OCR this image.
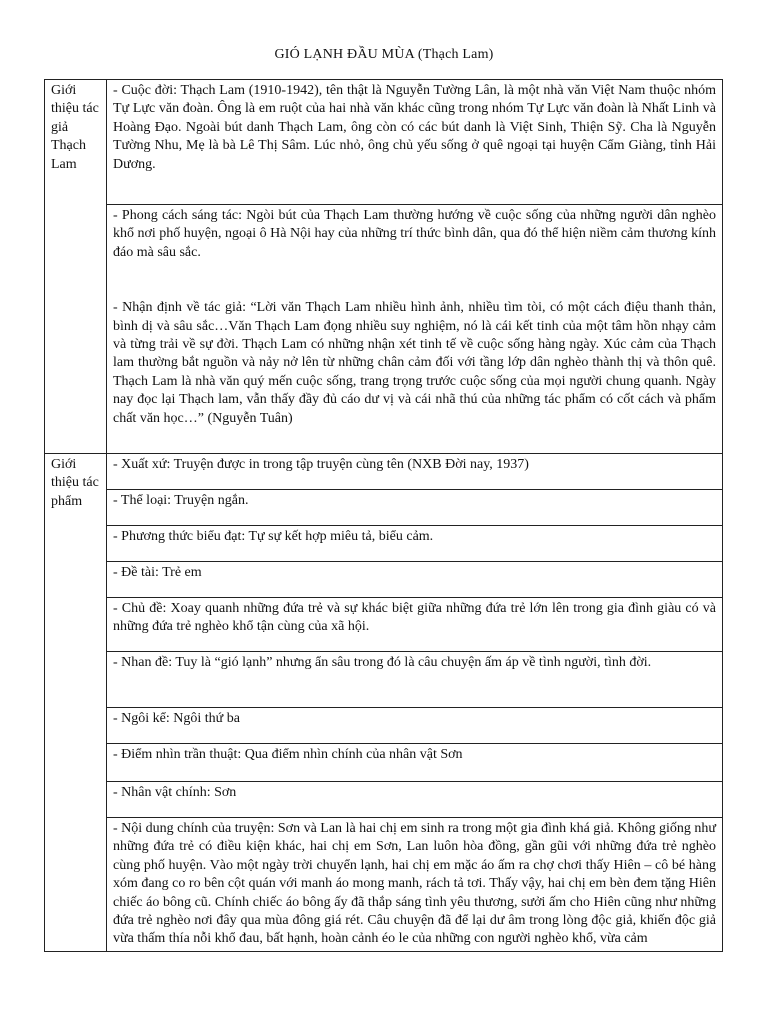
GIÓ LẠNH ĐẦU MÙA (Thạch Lam)
Giới thiệu tác giả Thạch Lam	- Cuộc đời: Thạch Lam (1910-1942), tên thật là Nguyễn Tường Lân, là một nhà văn Việt Nam thuộc nhóm Tự Lực văn đoàn. Ông là em ruột của hai nhà văn khác cũng trong nhóm Tự Lực văn đoàn là Nhất Linh và Hoàng Đạo. Ngoài bút danh Thạch Lam, ông còn có các bút danh là Việt Sinh, Thiện Sỹ. Cha là Nguyễn Tường Nhu, Mẹ là bà Lê Thị Sâm. Lúc nhỏ, ông chủ yếu sống ở quê ngoại tại huyện Cẩm Giàng, tỉnh Hải Dương.

	- Phong cách sáng tác: Ngòi bút của Thạch Lam thường hướng về cuộc sống của những người dân nghèo khổ nơi phố huyện, ngoại ô Hà Nội hay của những trí thức bình dân, qua đó thể hiện niềm cảm thương kính đáo mà sâu sắc.
- Nhận định về tác giả: “Lời văn Thạch Lam nhiều hình ảnh, nhiều tìm tòi, có một cách điệu thanh thản, bình dị và sâu sắc…Văn Thạch Lam đọng nhiều suy nghiệm, nó là cái kết tinh của một tâm hồn nhạy cảm và từng trải về sự đời. Thạch Lam có những nhận xét tinh tế về cuộc sống hàng ngày. Xúc cảm của Thạch lam thường bắt nguồn và nảy nở lên từ những chân cảm đối với tầng lớp dân nghèo thành thị và thôn quê. Thạch Lam là nhà văn quý mến cuộc sống, trang trọng trước cuộc sống của mọi người chung quanh. Ngày nay đọc lại Thạch lam, vẫn thấy đầy đủ cáo dư vị và cái nhã thú của những tác phẩm có cốt cách và phẩm chất văn học…” (Nguyễn Tuân)

Giới thiệu tác phẩm	- Xuất xứ: Truyện được in trong tập truyện cùng tên (NXB Đời nay, 1937)
	- Thể loại: Truyện ngắn.
	- Phương thức biểu đạt: Tự sự kết hợp miêu tả, biểu cảm.
	- Đề tài: Trẻ em
	- Chủ đề: Xoay quanh những đứa trẻ và sự khác biệt giữa những đứa trẻ lớn lên trong gia đình giàu có và những đứa trẻ nghèo khổ tận cùng của xã hội.
	- Nhan đề: Tuy là “gió lạnh” nhưng ẩn sâu trong đó là câu chuyện ấm áp về tình người, tình đời.
	- Ngôi kể: Ngôi thứ ba
	- Điểm nhìn trần thuật: Qua điểm nhìn chính của nhân vật Sơn
	- Nhân vật chính: Sơn

	- Nội dung chính của truyện: Sơn và Lan là hai chị em sinh ra trong một gia đình khá giả. Không giống như những đứa trẻ có điều kiện khác, hai chị em Sơn, Lan luôn hòa đồng, gần gũi với những đứa trẻ nghèo cùng phố huyện. Vào một ngày trời chuyển lạnh, hai chị em mặc áo ấm ra chợ chơi thấy Hiên – cô bé hàng xóm đang co ro bên cột quán với manh áo mong manh, rách tả tơi. Thấy vậy, hai chị em bèn đem tặng Hiên chiếc áo bông cũ. Chính chiếc áo bông ấy đã thắp sáng tình yêu thương, sưởi ấm cho Hiên cũng như những đứa trẻ nghèo nơi đây qua mùa đông giá rét. Câu chuyện đã để lại dư âm trong lòng độc giả, khiến độc giả vừa thấm thía nỗi khổ đau, bất hạnh, hoàn cảnh éo le của những con người nghèo khổ, vừa cảm
